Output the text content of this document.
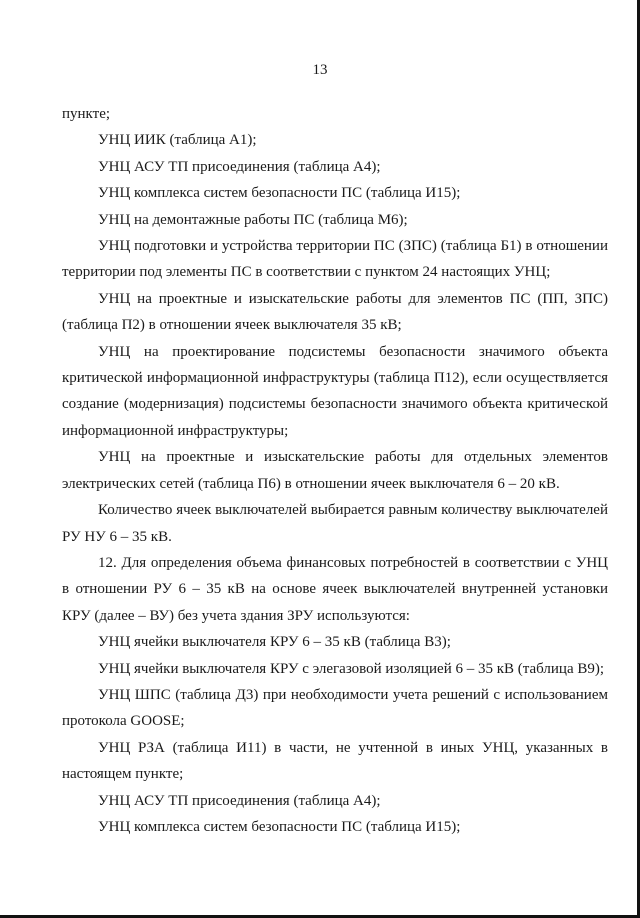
13

пункте;

УНЦ ИИК (таблица А1);

УНЦ АСУ ТП присоединения (таблица А4);

УНЦ комплекса систем безопасности ПС (таблица И15);

УНЦ на демонтажные работы ПС (таблица М6);

УНЦ подготовки и устройства территории ПС (ЗПС) (таблица Б1) в отношении территории под элементы ПС в соответствии с пунктом 24 настоящих УНЦ;

УНЦ на проектные и изыскательские работы для элементов ПС (ПП, ЗПС) (таблица П2) в отношении ячеек выключателя 35 кВ;

УНЦ на проектирование подсистемы безопасности значимого объекта критической информационной инфраструктуры (таблица П12), если осуществляется создание (модернизация) подсистемы безопасности значимого объекта критической информационной инфраструктуры;

УНЦ на проектные и изыскательские работы для отдельных элементов электрических сетей (таблица П6) в отношении ячеек выключателя 6 – 20 кВ.

Количество ячеек выключателей выбирается равным количеству выключателей РУ НУ 6 – 35 кВ.

12. Для определения объема финансовых потребностей в соответствии с УНЦ в отношении РУ 6 – 35 кВ на основе ячеек выключателей внутренней установки КРУ (далее – ВУ) без учета здания ЗРУ используются:

УНЦ ячейки выключателя КРУ 6 – 35 кВ (таблица В3);

УНЦ ячейки выключателя КРУ с элегазовой изоляцией 6 – 35 кВ (таблица В9);

УНЦ ШПС (таблица Д3) при необходимости учета решений с использованием протокола GOOSE;

УНЦ РЗА (таблица И11) в части, не учтенной в иных УНЦ, указанных в настоящем пункте;

УНЦ АСУ ТП присоединения (таблица А4);

УНЦ комплекса систем безопасности ПС (таблица И15);
